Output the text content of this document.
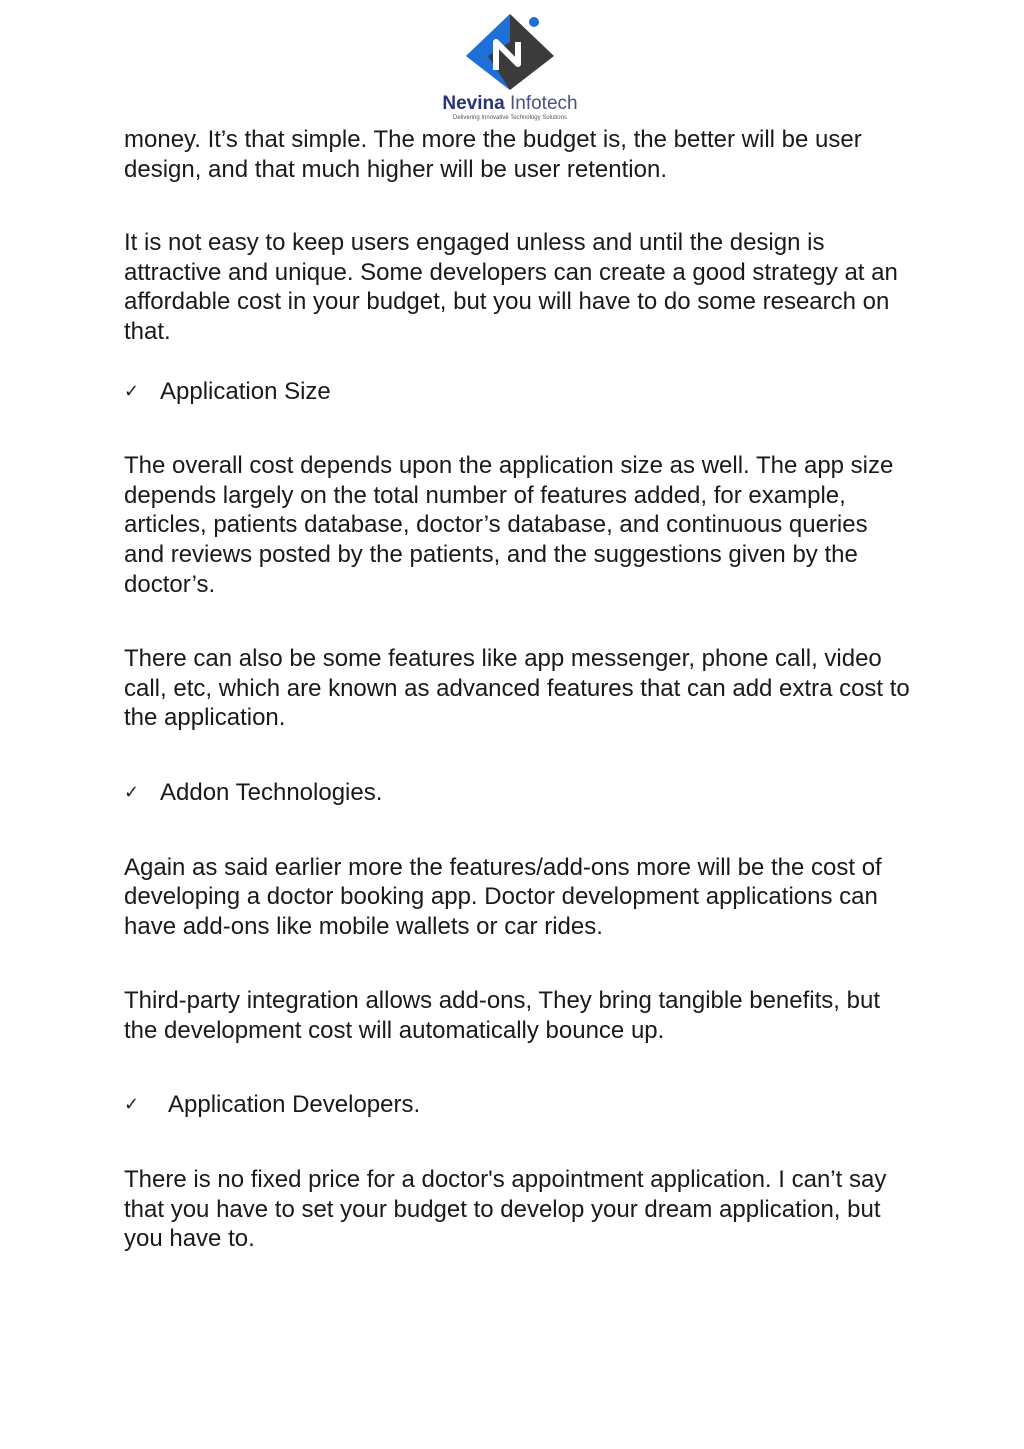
Nevina Infotech
Delivering Innovative Technology Solutions

money. It’s that simple. The more the budget is, the better will be user design, and that much higher will be user retention.

It is not easy to keep users engaged unless and until the design is attractive and unique. Some developers can create a good strategy at an affordable cost in your budget, but you will have to do some research on that.

✓ Application Size

The overall cost depends upon the application size as well. The app size depends largely on the total number of features added, for example, articles, patients database, doctor’s database, and continuous queries and reviews posted by the patients, and the suggestions given by the doctor’s.

There can also be some features like app messenger, phone call, video call, etc, which are known as advanced features that can add extra cost to the application.

✓ Addon Technologies.

Again as said earlier more the features/add-ons more will be the cost of developing a doctor booking app. Doctor development applications can have add-ons like mobile wallets or car rides.

Third-party integration allows add-ons, They bring tangible benefits, but the development cost will automatically bounce up.

✓	Application Developers.

There is no fixed price for a doctor's appointment application. I can’t say that you have to set your budget to develop your dream application, but you have to.
